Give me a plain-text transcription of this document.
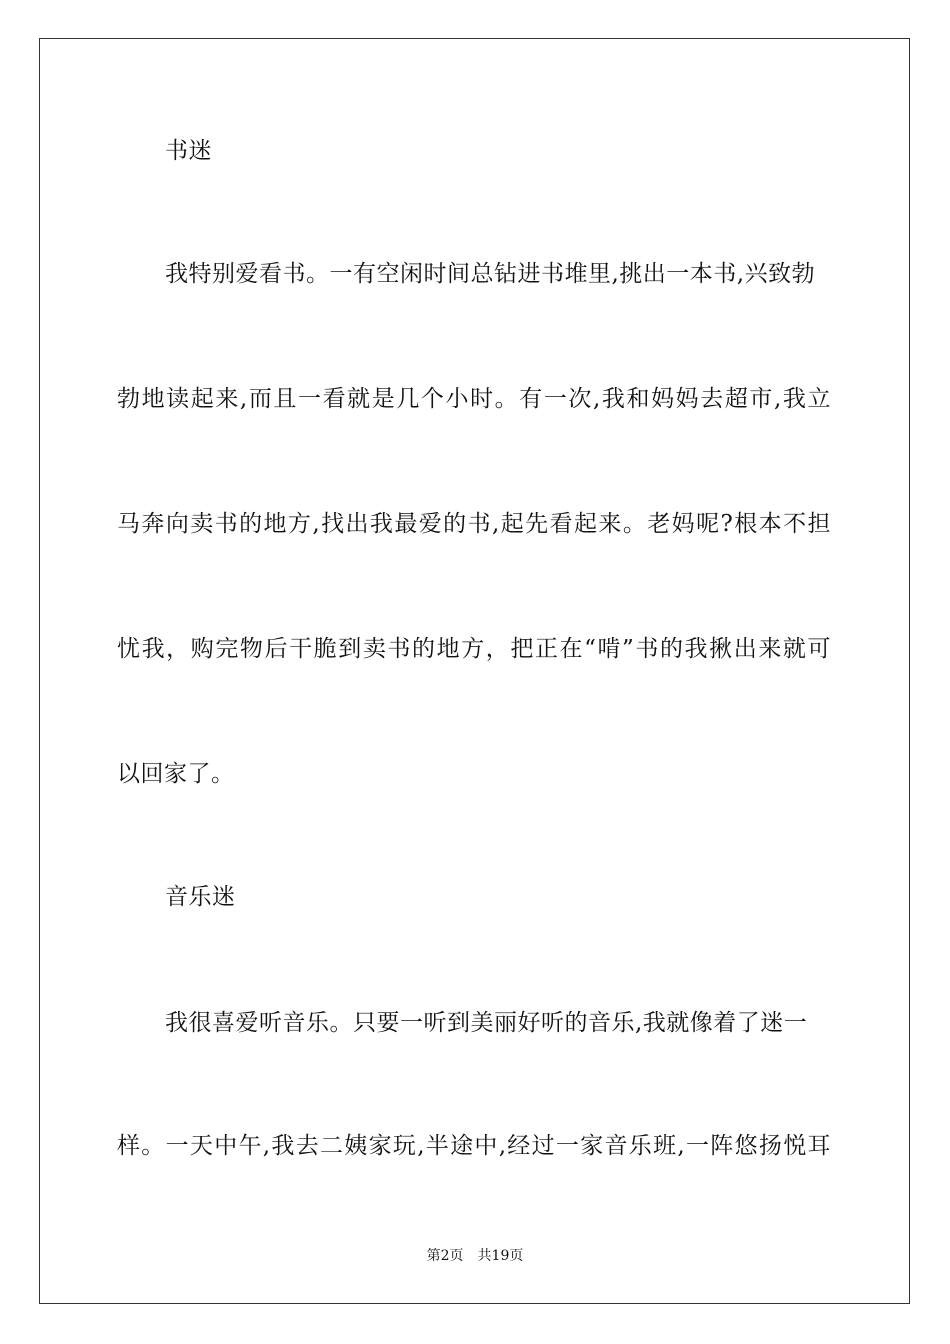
书迷
我特别爱看书。一有空闲时间总钻进书堆里,挑出一本书,兴致勃
勃地读起来,而且一看就是几个小时。有一次,我和妈妈去超市,我立
马奔向卖书的地方,找出我最爱的书,起先看起来。老妈呢?根本不担
忧我，购完物后干脆到卖书的地方，把正在“啃”书的我揪出来就可
以回家了。
音乐迷
我很喜爱听音乐。只要一听到美丽好听的音乐,我就像着了迷一
样。一天中午,我去二姨家玩,半途中,经过一家音乐班,一阵悠扬悦耳
第2页 共19页
